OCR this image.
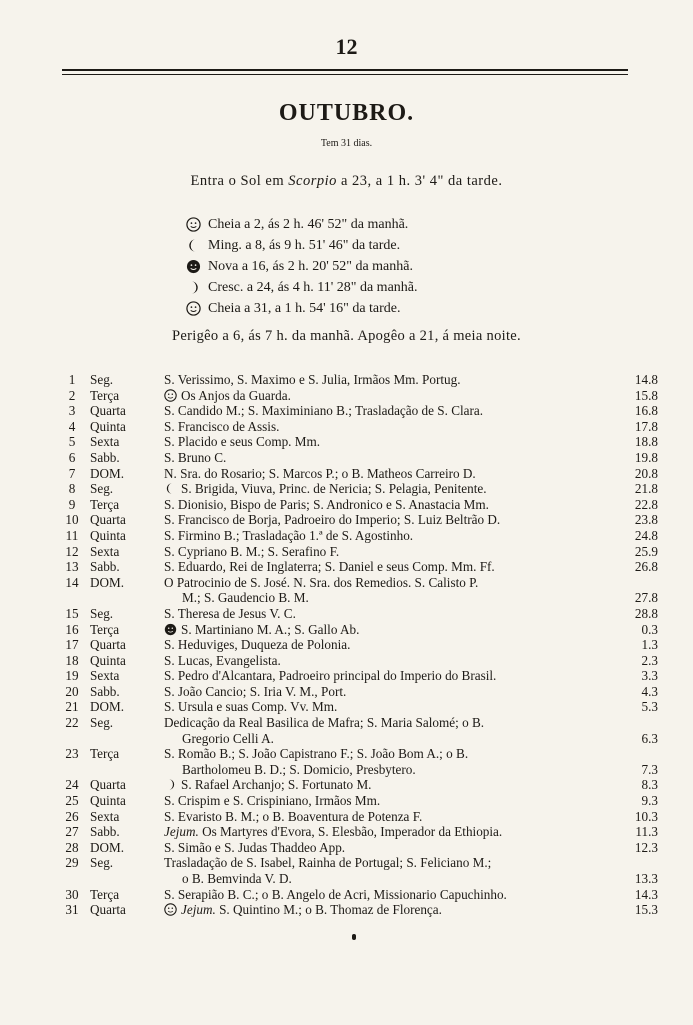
12
OUTUBRO.
Tem 31 dias.
Entra o Sol em Scorpio a 23, a 1 h. 3' 4" da tarde.
Cheia a 2, ás 2 h. 46' 52" da manhã.
Ming. a 8, ás 9 h. 51' 46" da tarde.
Nova a 16, ás 2 h. 20' 52" da manhã.
Cresc. a 24, ás 4 h. 11' 28" da manhã.
Cheia a 31, a 1 h. 54' 16" da tarde.
Perigêo a 6, ás 7 h. da manhã. Apogêo a 21, á meia noite.
1	Seg.	S. Verissimo, S. Maximo e S. Julia, Irmãos Mm. Portug.	14.8
2	Terça	Os Anjos da Guarda.	15.8
3	Quarta	S. Candido M.; S. Maximiniano B.; Trasladação de S. Clara.	16.8
4	Quinta	S. Francisco de Assis.	17.8
5	Sexta	S. Placido e seus Comp. Mm.	18.8
6	Sabb.	S. Bruno C.	19.8
7	DOM.	N. Sra. do Rosario; S. Marcos P.; o B. Matheos Carreiro D.	20.8
8	Seg.	S. Brigida, Viuva, Princ. de Nericia; S. Pelagia, Penitente.	21.8
9	Terça	S. Dionisio, Bispo de Paris; S. Andronico e S. Anastacia Mm.	22.8
10 Quarta	S. Francisco de Borja, Padroeiro do Imperio; S. Luiz Beltrão D.	23.8
11 Quinta	S. Firmino B.; Trasladação 1.ª de S. Agostinho.	24.8
12 Sexta	S. Cypriano B. M.; S. Serafino F.	25.9
13 Sabb.	S. Eduardo, Rei de Inglaterra; S. Daniel e seus Comp. Mm. Ff.	26.8
14 DOM.	O Patrocinio de S. José. N. Sra. dos Remedios. S. Calisto P.
M.; S. Gaudencio B. M.	27.8
15 Seg.	S. Theresa de Jesus V. C.	28.8
16 Terça	S. Martiniano M. A.; S. Gallo Ab.	0.3
17 Quarta	S. Heduviges, Duqueza de Polonia.	1.3
18 Quinta	S. Lucas, Evangelista.	2.3
19 Sexta	S. Pedro d'Alcantara, Padroeiro principal do Imperio do Brasil.	3.3
20 Sabb.	S. João Cancio; S. Iria V. M., Port.	4.3
21 DOM.	S. Ursula e suas Comp. Vv. Mm.	5.3
22 Seg.	Dedicação da Real Basilica de Mafra; S. Maria Salomé; o B.
Gregorio Celli A.	6.3
23 Terça	S. Romão B.; S. João Capistrano F.; S. João Bom A.; o B.
Bartholomeu B. D.; S. Domicio, Presbytero.	7.3
24 Quarta	S. Rafael Archanjo; S. Fortunato M.	8.3
25 Quinta	S. Crispim e S. Crispiniano, Irmãos Mm.	9.3
26 Sexta	S. Evaristo B. M.; o B. Boaventura de Potenza F.	10.3
27 Sabb.	Jejum. Os Martyres d'Evora, S. Elesbão, Imperador da Ethiopia.	11.3
28 DOM.	S. Simão e S. Judas Thaddeo App.	12.3
29 Seg.	Trasladação de S. Isabel, Rainha de Portugal; S. Feliciano M.;
o B. Bemvinda V. D.	13.3
30 Terça	S. Serapião B. C.; o B. Angelo de Acri, Missionario Capuchinho.	14.3
31 Quarta	Jejum. S. Quintino M.; o B. Thomaz de Florença.	15.3
